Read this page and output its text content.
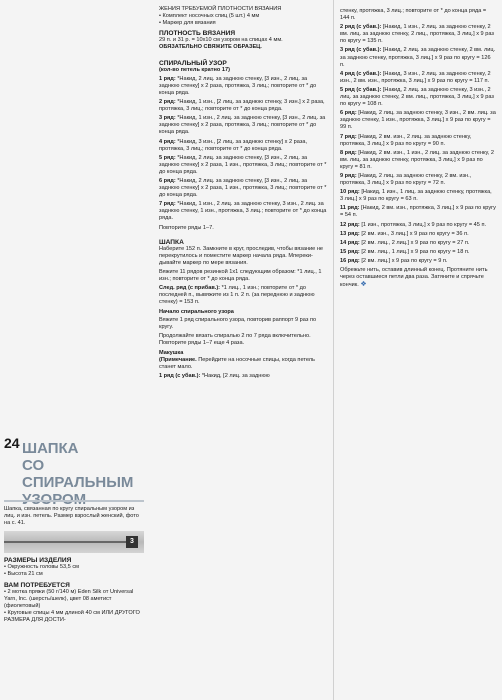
24 ШАПКА
СО СПИРАЛЬНЫМ

Шапка, связанная по кругу спиральным узором из лиц. и изн. петель. Размер взрослый женский, фото на с. 41.

3

РАЗМЕРЫ ИЗДЕЛИЯ

• Окружность головы 53,5 см

• Высота 21 см

ВАМ ПОТРЕБУЕТСЯ

• 2 мотка пряжи (50 г/140 м) Eden Silk от Universal Yarn, Inc. (шерсть/шелк), цвет 08 аметист (фиолетовый)

• Круговые спицы 4 мм длиной 40 см ИЛИ ДРУГОГО РАЗМЕРА ДЛЯ ДОСТИ-

ЖЕНИЯ ТРЕБУЕМОЙ ПЛОТНОСТИ ВЯЗАНИЯ

• Комплект носочных спиц (5 шт.) 4 мм

• Маркер для вязания

ПЛОТНОСТЬ ВЯЗАНИЯ

29 п. и 31 р. = 10х10 см узором на спицах 4 мм.

ОБЯЗАТЕЛЬНО СВЯЖИТЕ ОБРАЗЕЦ.

СПИРАЛЬНЫЙ УЗОР

(кол-во петель кратно 17)

1 ряд: *Накид, 2 лиц. за заднюю стенку, [3 изн., 2 лиц. за заднюю стенку] х 2 раза, протяжка, 3 лиц.; повторите от * до конца ряда.

2 ряд: *Накид, 1 изн., [2 лиц. за заднюю стенку, 3 изн.] х 2 раза, протяжка, 3 лиц.; повторите от * до конца ряда.

3 ряд: *Накид, 1 изн., 2 лиц. за заднюю стенку, [3 изн., 2 лиц. за заднюю стенку] х 2 раза, протяжка, 3 лиц.; повторите от * до конца ряда.

4 ряд: *Накид, 3 изн., [2 лиц. за заднюю стенку] х 2 раза, протяжка, 3 лиц.; повторите от * до конца ряда.

5 ряд: *Накид, 2 лиц. за заднюю стенку, [3 изн., 2 лиц. за заднюю стенку] х 2 раза, 1 изн., протяжка, 3 лиц.; повторите от * до конца ряда.

6 ряд: *Накид, 2 лиц. за заднюю стенку, [3 изн., 2 лиц. за заднюю стенку] х 2 раза, 1 изн., протяжка, 3 лиц.; повторите от * до конца ряда.

7 ряд: *Накид, 1 изн., 2 лиц. за заднюю стенку, 3 изн., 2 лиц. за заднюю стенку, 1 изн., протяжка, 3 лиц.; повторите от * до конца ряда.

Повторите ряды 1–7.

ШАПКА

Наберите 152 п. Замкните в круг, проследив, чтобы вязание не перекрутилось и поместите маркер начала ряда. Мпереки-дывайте маркер по мере вязания.

Вяжите 11 рядов резинкой 1х1 следующим образом: *1 лиц., 1 изн.; повторите от * до конца ряда.

След. ряд (с прибав.): *1 лиц., 1 изн.; повторите от * до последней п., вывяжите из 1 п. 2 п. (за переднюю и заднюю стенку) = 153 п.

Начало спирального узора

Вяжите 1 ряд спирального узора, повторив раппорт 9 раз по кругу.

Продолжайте вязать спиралью 2 по 7 ряда включительно. Повторите ряды 1–7 еще 4 раза.

Макушка

(Примечание. Перейдите на носочные спицы, когда петель станет мало.

1 ряд (с убав.): *Накид, [2 лиц. за заднюю

стенку, протяжка, 3 лиц.; повторите от * до конца ряда = 144 п.

2 ряд (с убав.): [Накид, 1 изн., 2 лиц. за заднюю стенку, 2 вм. лиц. за заднюю стенку, 2 лиц., протяжка, 3 лиц.] х 9 раз по кругу = 135 п.

3 ряд (с убав.): [Накид, 2 лиц. за заднюю стенку, 2 вм. лиц. за заднюю стенку, протяжка, 3 лиц.] х 9 раз по кругу = 126 п.

4 ряд (с убав.): [Накид, 3 изн., 2 лиц. за заднюю стенку, 2 изн., 2 вм. изн., протяжка, 3 лиц.] х 9 раз по кругу = 117 п.

5 ряд (с убав.): [Накид, 2 лиц. за заднюю стенку, 3 изн., 2 лиц. за заднюю стенку, 2 вм. лиц., протяжка, 3 лиц.] х 9 раз по кругу = 108 п.

6 ряд: [Накид, 2 лиц. за заднюю стенку, 3 изн., 2 вм. лиц. за заднюю стенку, 1 изн., протяжка, 3 лиц.] х 9 раз по кругу = 99 п.

7 ряд: [Накид, 2 вм. изн., 2 лиц. за заднюю стенку, протяжка, 3 лиц.] х 9 раз по кругу = 90 п.

8 ряд: [Накид, 2 вм. изн., 1 изн., 2 лиц. за заднюю стенку, 2 вм. лиц. за заднюю стенку, протяжка, 3 лиц.] х 9 раз по кругу = 81 п.

9 ряд: [Накид, 2 лиц. за заднюю стенку, 2 вм. изн., протяжка, 3 лиц.] х 9 раз по кругу = 72 п.

10 ряд: [Накид, 1 изн., 1 лиц. за заднюю стенку, протяжка, 3 лиц.] х 9 раз по кругу = 63 п.

11 ряд: [Накид, 2 вм. изн., протяжка, 3 лиц.] х 9 раз по кругу = 54 п.

12 ряд: [1 изн., протяжка, 3 лиц.] х 9 раз по кругу = 45 п.

13 ряд: [2 вм. изн., 3 лиц.] х 9 раз по кругу = 36 п.

14 ряд: [2 вм. лиц., 2 лиц.] х 9 раз по кругу = 27 п.

15 ряд: [2 вм. лиц., 1 лиц.] х 9 раз по кругу = 18 п.

16 ряд: [2 вм. лиц.] х 9 раз по кругу = 9 п.

Обрежьте нить, оставив длинный конец. Протяните нить через оставшиеся петли два раза. Затяните и спрячьте кончик. ❖
